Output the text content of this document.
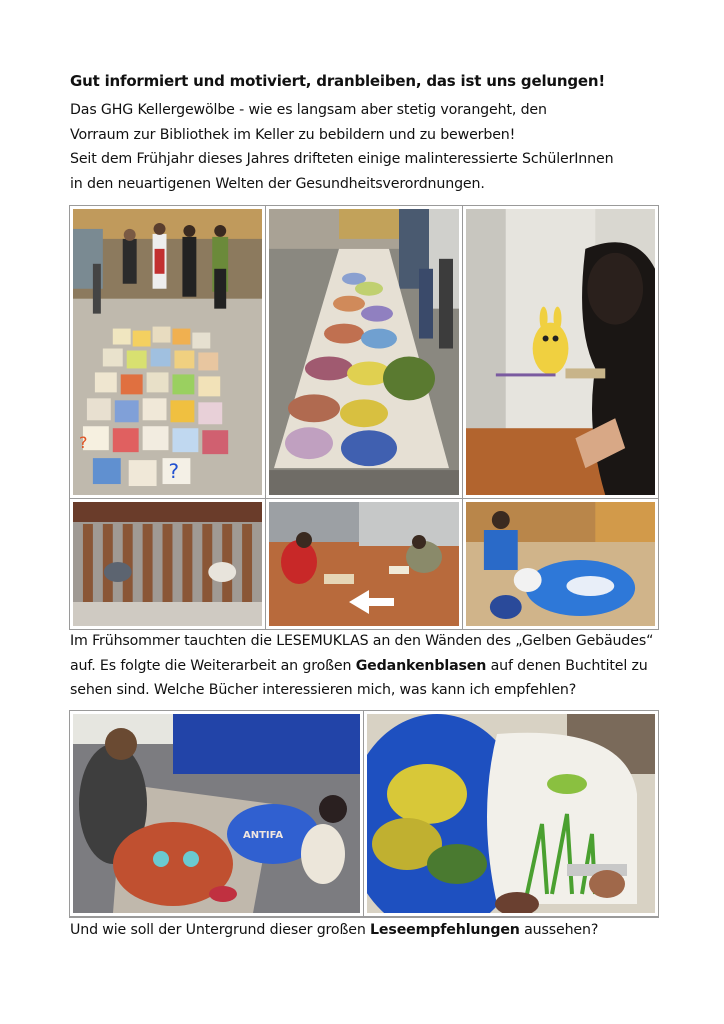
Gut informiert und motiviert, dranbleiben, das ist uns gelungen!
Das GHG Kellergewölbe - wie es langsam aber stetig vorangeht, den
Vorraum zur Bibliothek im Keller zu bebildern und zu bewerben!
Seit dem Frühjahr dieses Jahres drifteten einige malinteressierte SchülerInnen
in den neuartigenen Welten der Gesundheitsverordnungen.
?
?
Im Frühsommer tauchten die LESEMUKLAS an den Wänden des „Gelben Gebäudes“
auf. Es folgte die Weiterarbeit an großen Gedankenblasen auf denen Buchtitel zu
sehen sind. Welche Bücher interessieren mich, was kann ich empfehlen?
ANTIFA
Und wie soll der Untergrund dieser großen Leseempfehlungen aussehen?
